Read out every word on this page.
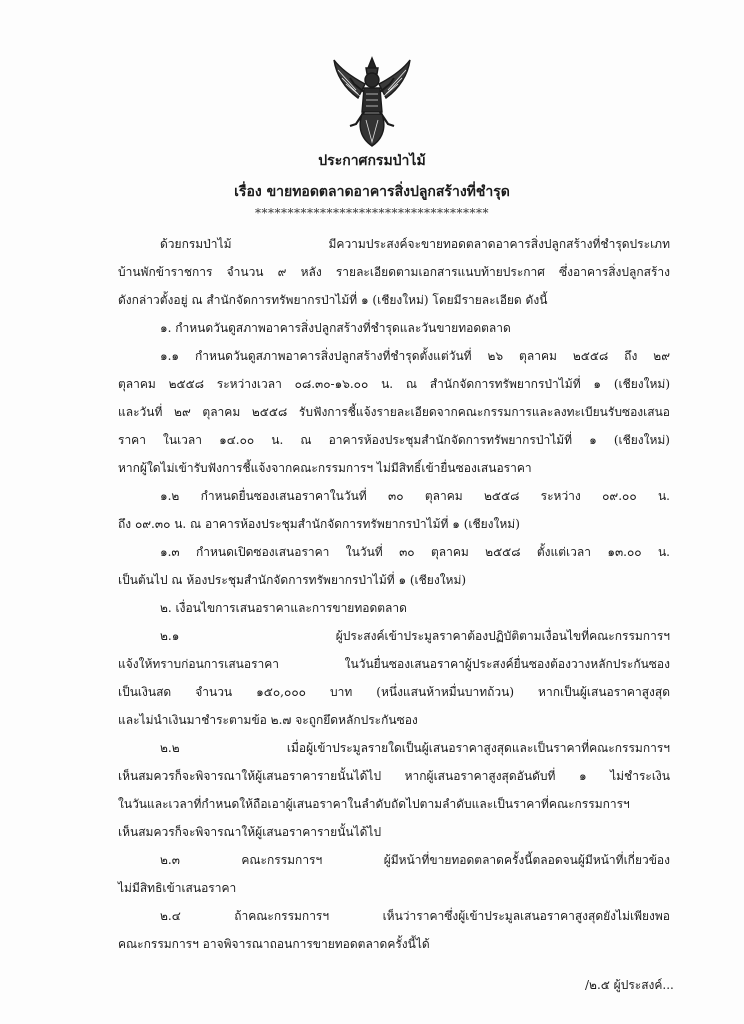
ประกาศกรมป่าไม้
เรื่อง ขายทอดตลาดอาคารสิ่งปลูกสร้างที่ชำรุด
************************************
ด้วยกรมป่าไม้ มีความประสงค์จะขายทอดตลาดอาคารสิ่งปลูกสร้างที่ชำรุดประเภท
บ้านพักข้าราชการ จำนวน ๙ หลัง รายละเอียดตามเอกสารแนบท้ายประกาศ ซึ่งอาคารสิ่งปลูกสร้าง
ดังกล่าวตั้งอยู่ ณ สำนักจัดการทรัพยากรป่าไม้ที่ ๑ (เชียงใหม่) โดยมีรายละเอียด ดังนี้
๑. กำหนดวันดูสภาพอาคารสิ่งปลูกสร้างที่ชำรุดและวันขายทอดตลาด
๑.๑ กำหนดวันดูสภาพอาคารสิ่งปลูกสร้างที่ชำรุดตั้งแต่วันที่ ๒๖ ตุลาคม ๒๕๕๘ ถึง ๒๙
ตุลาคม ๒๕๕๘ ระหว่างเวลา ๐๘.๓๐-๑๖.๐๐ น. ณ สำนักจัดการทรัพยากรป่าไม้ที่ ๑ (เชียงใหม่)
และวันที่ ๒๙ ตุลาคม ๒๕๕๘ รับฟังการชี้แจ้งรายละเอียดจากคณะกรรมการและลงทะเบียนรับซองเสนอ
ราคา ในเวลา ๑๔.๐๐ น. ณ อาคารห้องประชุมสำนักจัดการทรัพยากรป่าไม้ที่ ๑ (เชียงใหม่)
หากผู้ใดไม่เข้ารับฟังการชี้แจ้งจากคณะกรรมการฯ ไม่มีสิทธิ์เข้ายื่นซองเสนอราคา
๑.๒ กำหนดยื่นซองเสนอราคาในวันที่ ๓๐ ตุลาคม ๒๕๕๘ ระหว่าง ๐๙.๐๐ น.
ถึง ๐๙.๓๐ น. ณ อาคารห้องประชุมสำนักจัดการทรัพยากรป่าไม้ที่ ๑ (เชียงใหม่)
๑.๓ กำหนดเปิดซองเสนอราคา ในวันที่ ๓๐ ตุลาคม ๒๕๕๘ ตั้งแต่เวลา ๑๓.๐๐ น.
เป็นต้นไป ณ ห้องประชุมสำนักจัดการทรัพยากรป่าไม้ที่ ๑ (เชียงใหม่)
๒. เงื่อนไขการเสนอราคาและการขายทอดตลาด
๒.๑ ผู้ประสงค์เข้าประมูลราคาต้องปฏิบัติตามเงื่อนไขที่คณะกรรมการฯ
แจ้งให้ทราบก่อนการเสนอราคา ในวันยื่นซองเสนอราคาผู้ประสงค์ยื่นซองต้องวางหลักประกันซอง
เป็นเงินสด จำนวน ๑๕๐,๐๐๐ บาท (หนึ่งแสนห้าหมื่นบาทถ้วน) หากเป็นผู้เสนอราคาสูงสุด
และไม่นำเงินมาชำระตามข้อ ๒.๗ จะถูกยึดหลักประกันซอง
๒.๒ เมื่อผู้เข้าประมูลรายใดเป็นผู้เสนอราคาสูงสุดและเป็นราคาที่คณะกรรมการฯ
เห็นสมควรก็จะพิจารณาให้ผู้เสนอราคารายนั้นได้ไป หากผู้เสนอราคาสูงสุดอันดับที่ ๑ ไม่ชำระเงิน
ในวันและเวลาที่กำหนดให้ถือเอาผู้เสนอราคาในลำดับถัดไปตามลำดับและเป็นราคาที่คณะกรรมการฯ
เห็นสมควรก็จะพิจารณาให้ผู้เสนอราคารายนั้นได้ไป
๒.๓ คณะกรรมการฯ ผู้มีหน้าที่ขายทอดตลาดครั้งนี้ตลอดจนผู้มีหน้าที่เกี่ยวข้อง
ไม่มีสิทธิเข้าเสนอราคา
๒.๔ ถ้าคณะกรรมการฯ เห็นว่าราคาซึ่งผู้เข้าประมูลเสนอราคาสูงสุดยังไม่เพียงพอ
คณะกรรมการฯ อาจพิจารณาถอนการขายทอดตลาดครั้งนี้ได้
/๒.๕ ผู้ประสงค์...
